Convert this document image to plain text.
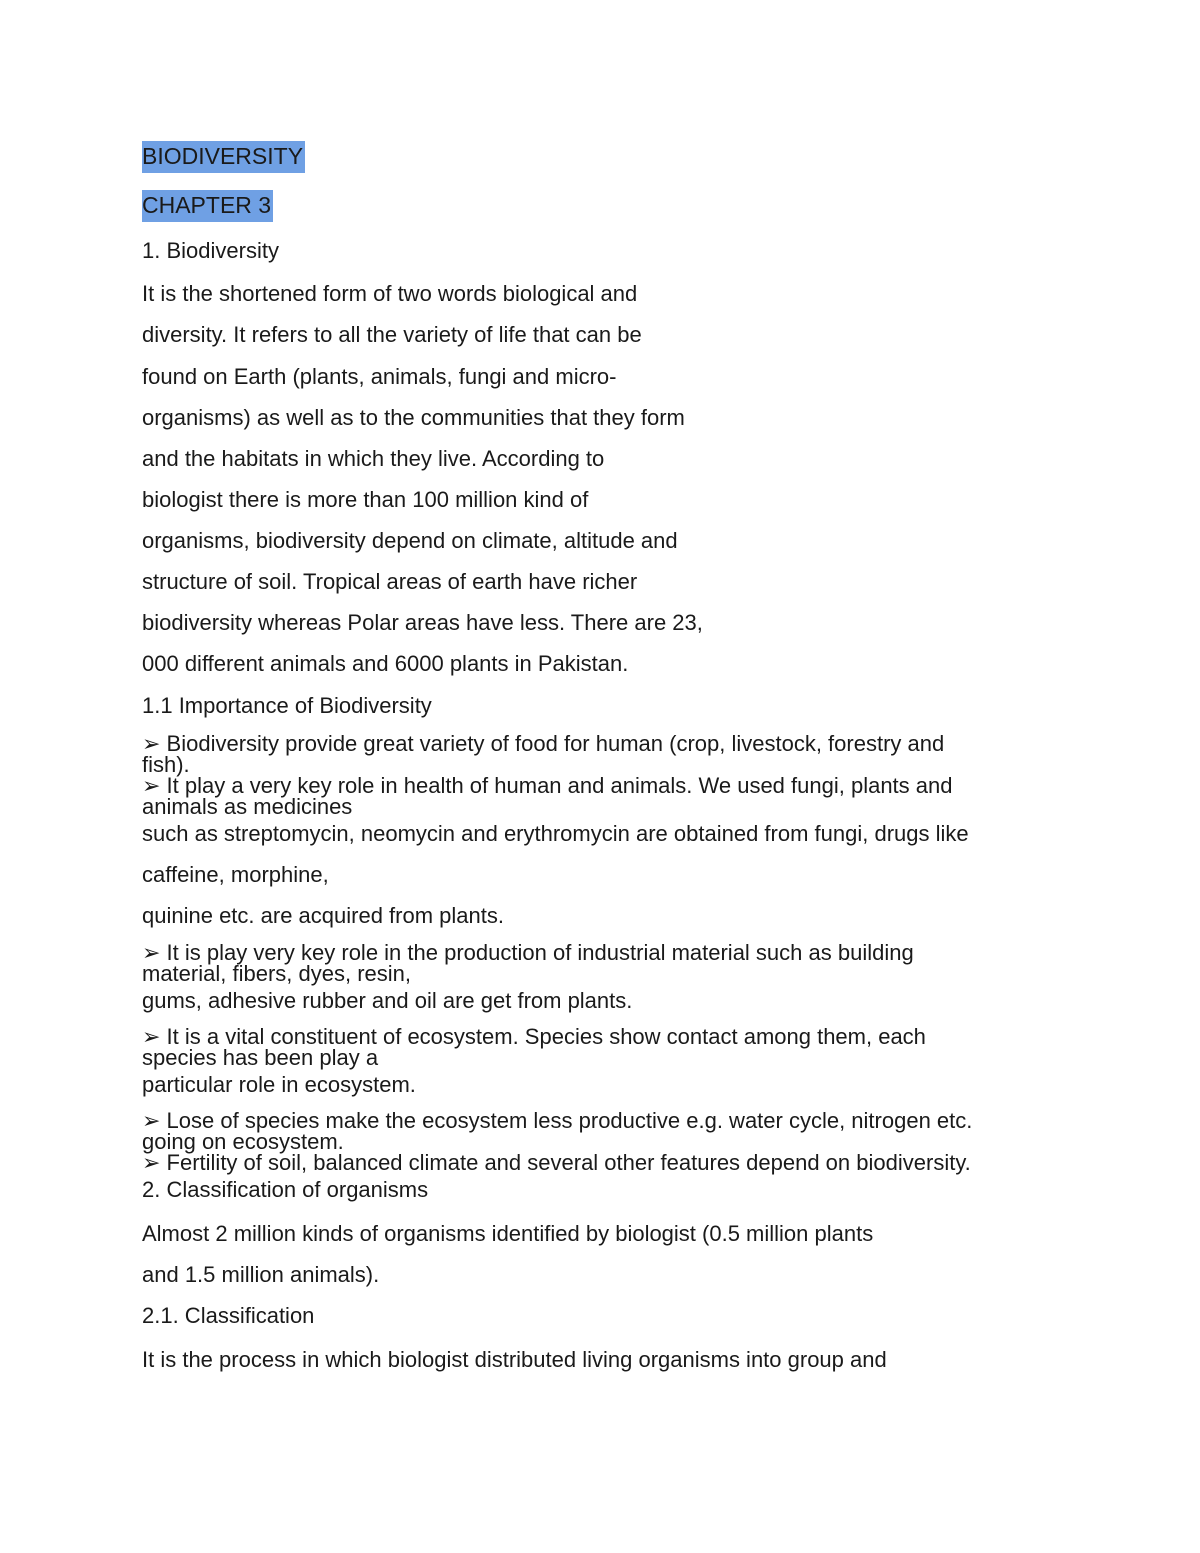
BIODIVERSITY

CHAPTER 3

1. Biodiversity

It is the shortened form of two words biological and

diversity. It refers to all the variety of life that can be

found on Earth (plants, animals, fungi and micro-

organisms) as well as to the communities that they form

and the habitats in which they live. According to

biologist there is more than 100 million kind of

organisms, biodiversity depend on climate, altitude and

structure of soil. Tropical areas of earth have richer

biodiversity whereas Polar areas have less. There are 23,

000 different animals and 6000 plants in Pakistan.

1.1 Importance of Biodiversity

➢ Biodiversity provide great variety of food for human (crop, livestock, forestry and

fish).

➢ It play a very key role in health of human and animals. We used fungi, plants and

animals as medicines

such as streptomycin, neomycin and erythromycin are obtained from fungi, drugs like

caffeine, morphine,

quinine etc. are acquired from plants.

➢ It is play very key role in the production of industrial material such as building

material, fibers, dyes, resin,

gums, adhesive rubber and oil are get from plants.

➢ It is a vital constituent of ecosystem. Species show contact among them, each

species has been play a

particular role in ecosystem.

➢ Lose of species make the ecosystem less productive e.g. water cycle, nitrogen etc.

going on ecosystem.

➢ Fertility of soil, balanced climate and several other features depend on biodiversity.

2. Classification of organisms

Almost 2 million kinds of organisms identified by biologist (0.5 million plants

and 1.5 million animals).

2.1. Classification

It is the process in which biologist distributed living organisms into group and
